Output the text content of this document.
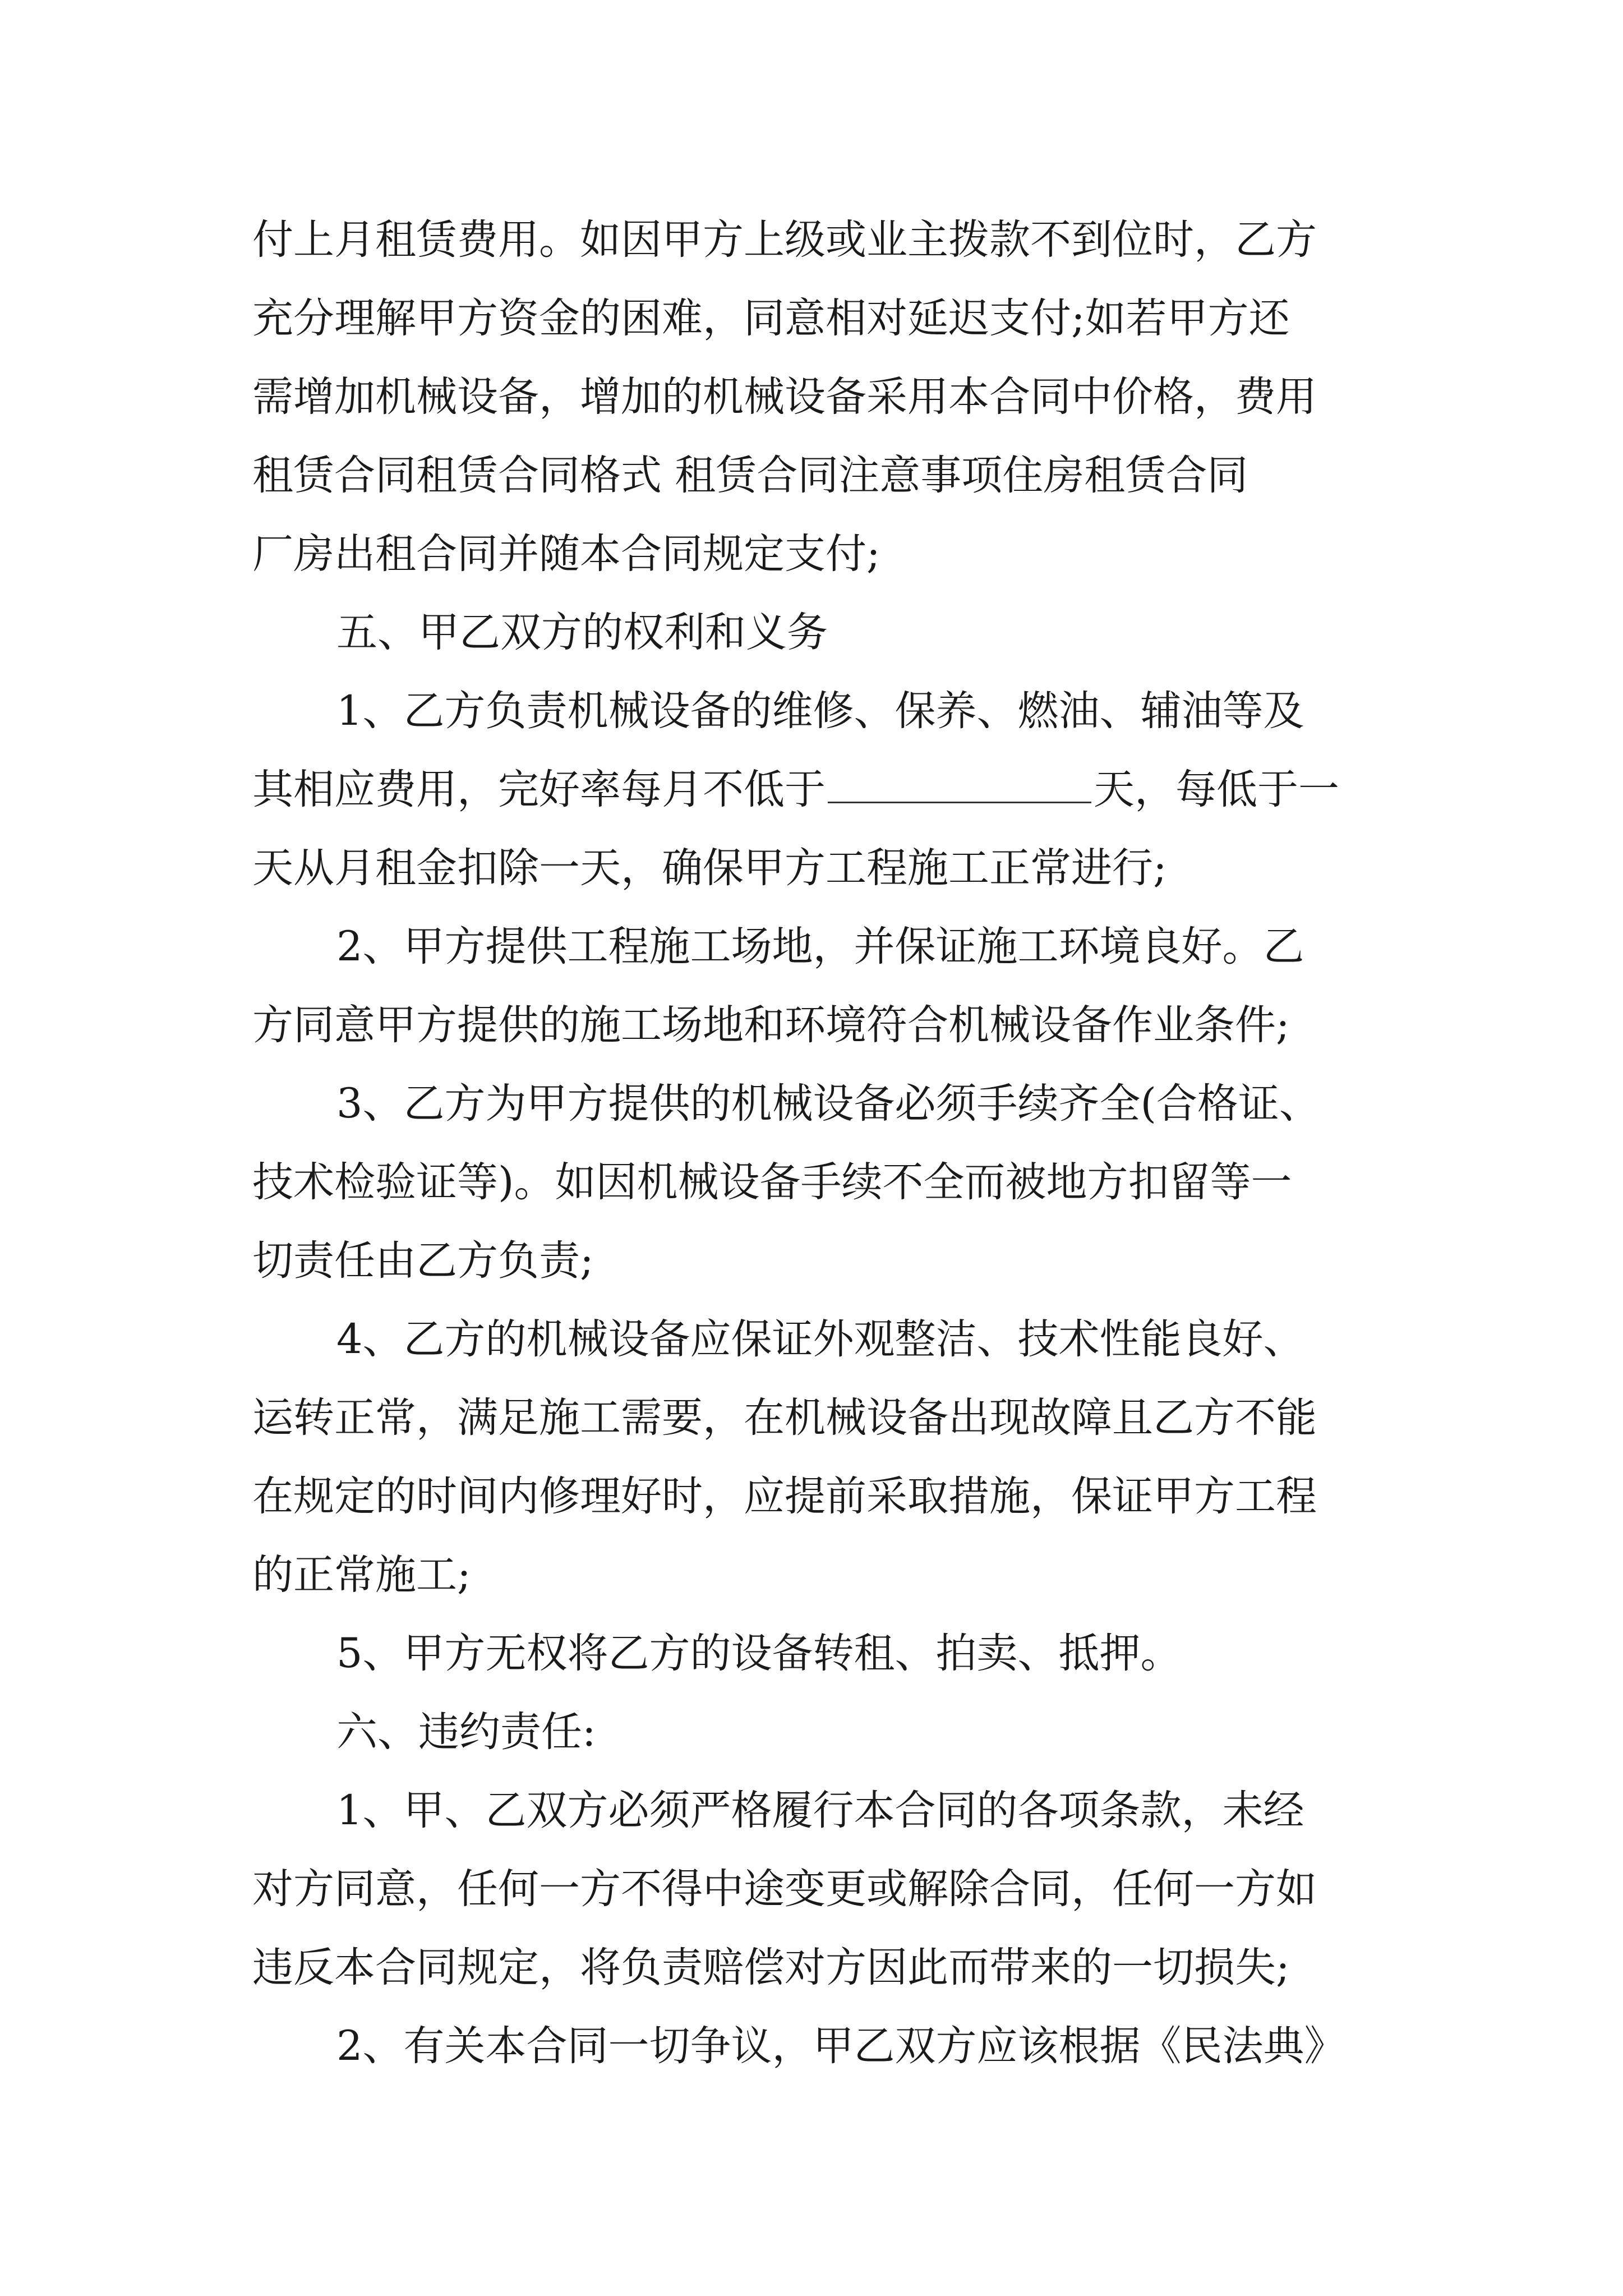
付上月租赁费用。如因甲方上级或业主拨款不到位时，乙方
充分理解甲方资金的困难，同意相对延迟支付;如若甲方还
需增加机械设备，增加的机械设备采用本合同中价格，费用
租赁合同租赁合同格式 租赁合同注意事项住房租赁合同
厂房出租合同并随本合同规定支付;
五、甲乙双方的权利和义务
1、乙方负责机械设备的维修、保养、燃油、辅油等及
其相应费用，完好率每月不低于	天，每低于一
天从月租金扣除一天，确保甲方工程施工正常进行;
2、甲方提供工程施工场地，并保证施工环境良好。乙
方同意甲方提供的施工场地和环境符合机械设备作业条件;
3、乙方为甲方提供的机械设备必须手续齐全(合格证、
技术检验证等)。如因机械设备手续不全而被地方扣留等一
切责任由乙方负责;
4、乙方的机械设备应保证外观整洁、技术性能良好、
运转正常，满足施工需要，在机械设备出现故障且乙方不能
在规定的时间内修理好时，应提前采取措施，保证甲方工程
的正常施工;
5、甲方无权将乙方的设备转租、拍卖、抵押。
六、违约责任:
1、甲、乙双方必须严格履行本合同的各项条款，未经
对方同意，任何一方不得中途变更或解除合同，任何一方如
违反本合同规定，将负责赔偿对方因此而带来的一切损失;
2、有关本合同一切争议，甲乙双方应该根据《民法典》
